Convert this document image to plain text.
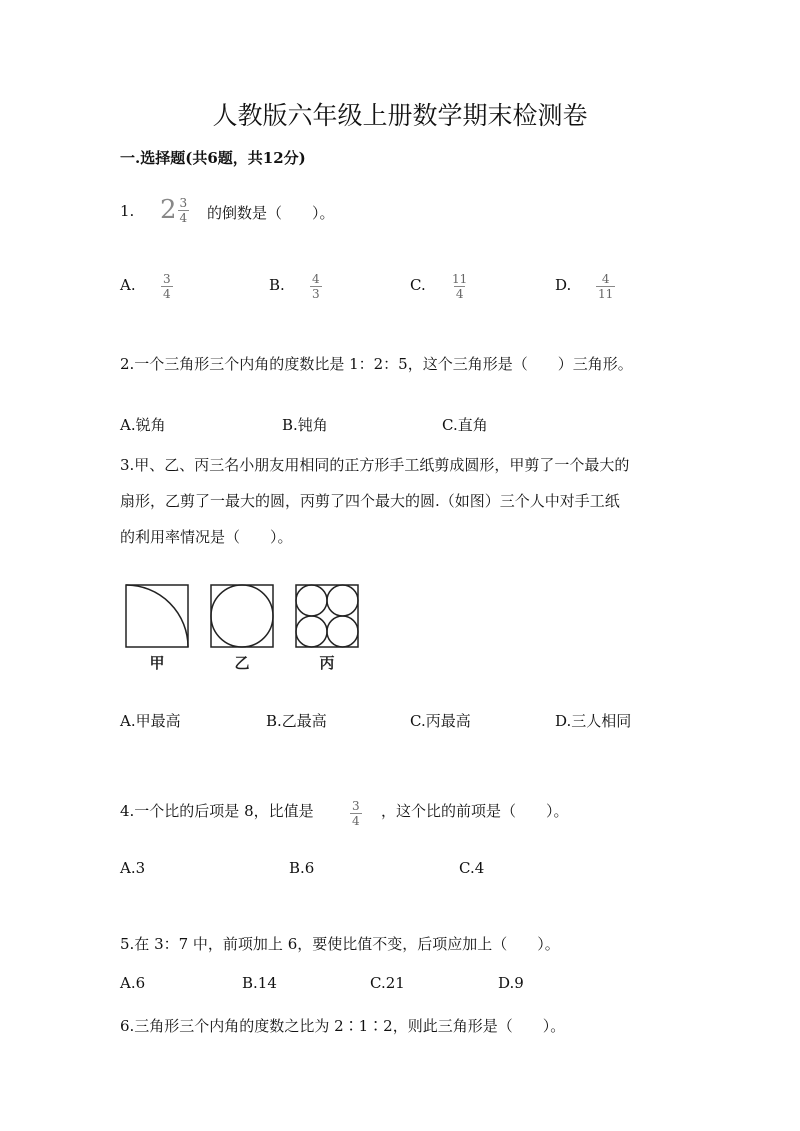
人教版六年级上册数学期末检测卷
一.选择题(共6题，共12分)
1. $2 \frac{3}{4}$ 的倒数是（　　）。
A. $\frac{3}{4}$	B. $\frac{4}{3}$	C. $\frac{11}{4}$	D. $\frac{4}{11}$
2.一个三角形三个内角的度数比是 1：2：5，这个三角形是（　　）三角形。
A.锐角	B.钝角	C.直角
3.甲、乙、丙三名小朋友用相同的正方形手工纸剪成圆形，甲剪了一个最大的
扇形，乙剪了一最大的圆，丙剪了四个最大的圆.（如图）三个人中对手工纸
的利用率情况是（　　）。
甲	乙	丙
A.甲最高	B.乙最高	C.丙最高	D.三人相同
4.一个比的后项是 8，比值是	$\frac{3}{4}$ ，这个比的前项是（　　）。
A.3	B.6	C.4
5.在 3：7 中，前项加上 6，要使比值不变，后项应加上（　　）。
A.6	B.14	C.21	D.9
6.三角形三个内角的度数之比为 2∶1∶2，则此三角形是（　　）。
